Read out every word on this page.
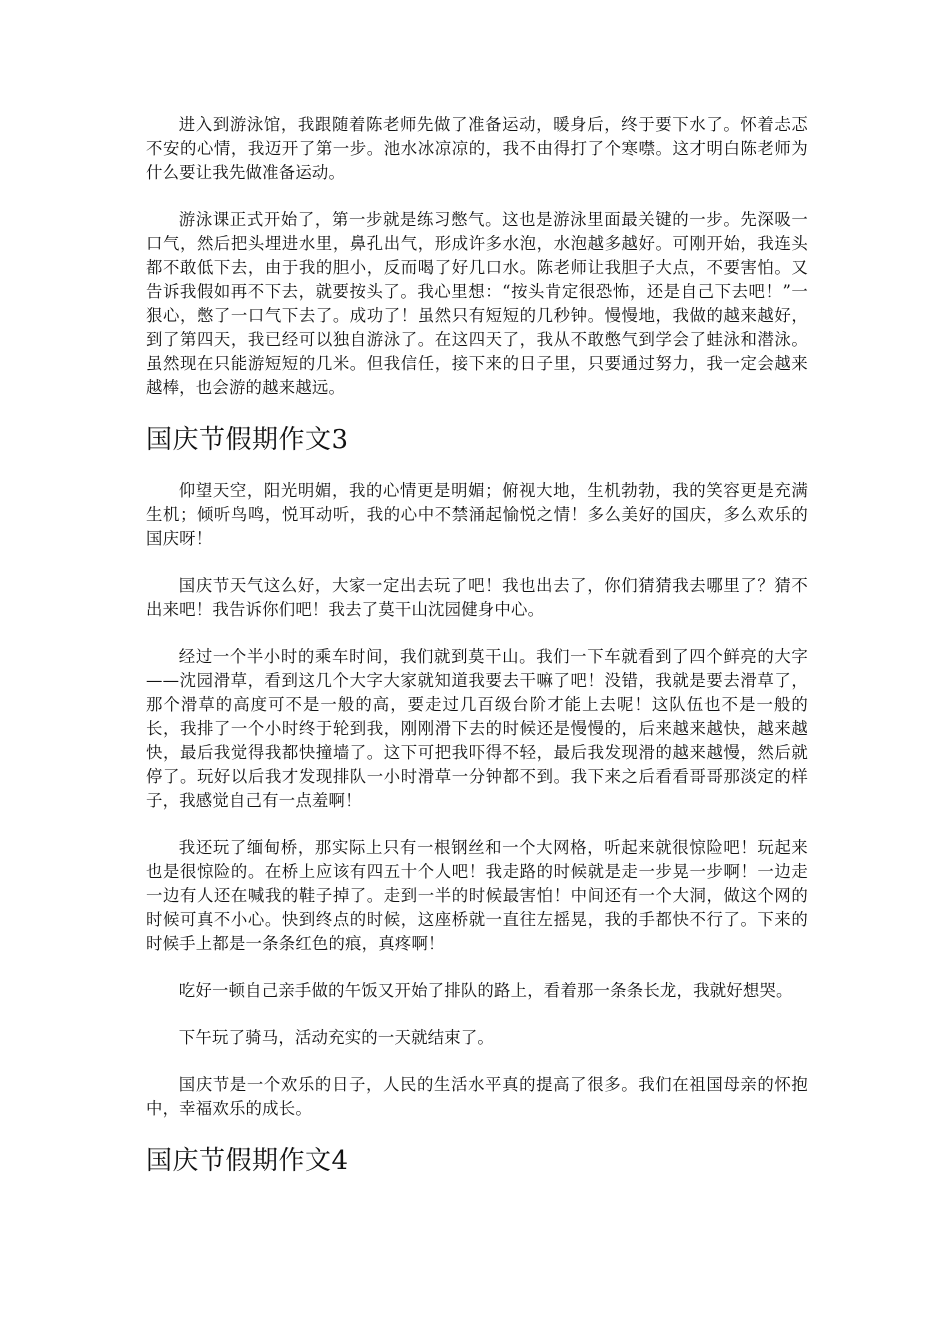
进入到游泳馆，我跟随着陈老师先做了准备运动，暖身后，终于要下水了。怀着忐忑不安的心情，我迈开了第一步。池水冰凉凉的，我不由得打了个寒噤。这才明白陈老师为什么要让我先做准备运动。

游泳课正式开始了，第一步就是练习憋气。这也是游泳里面最关键的一步。先深吸一口气，然后把头埋进水里，鼻孔出气，形成许多水泡，水泡越多越好。可刚开始，我连头都不敢低下去，由于我的胆小，反而喝了好几口水。陈老师让我胆子大点，不要害怕。又告诉我假如再不下去，就要按头了。我心里想：“按头肯定很恐怖，还是自己下去吧！”一狠心，憋了一口气下去了。成功了！虽然只有短短的几秒钟。慢慢地，我做的越来越好，到了第四天，我已经可以独自游泳了。在这四天了，我从不敢憋气到学会了蛙泳和潜泳。虽然现在只能游短短的几米。但我信任，接下来的日子里，只要通过努力，我一定会越来越棒，也会游的越来越远。

国庆节假期作文3

仰望天空，阳光明媚，我的心情更是明媚；俯视大地，生机勃勃，我的笑容更是充满生机；倾听鸟鸣，悦耳动听，我的心中不禁涌起愉悦之情！多么美好的国庆，多么欢乐的国庆呀！

国庆节天气这么好，大家一定出去玩了吧！我也出去了，你们猜猜我去哪里了？猜不出来吧！我告诉你们吧！我去了莫干山沈园健身中心。

经过一个半小时的乘车时间，我们就到莫干山。我们一下车就看到了四个鲜亮的大字——沈园滑草，看到这几个大字大家就知道我要去干嘛了吧！没错，我就是要去滑草了，那个滑草的高度可不是一般的高，要走过几百级台阶才能上去呢！这队伍也不是一般的长，我排了一个小时终于轮到我，刚刚滑下去的时候还是慢慢的，后来越来越快，越来越快，最后我觉得我都快撞墙了。这下可把我吓得不轻，最后我发现滑的越来越慢，然后就停了。玩好以后我才发现排队一小时滑草一分钟都不到。我下来之后看看哥哥那淡定的样子，我感觉自己有一点羞啊！

我还玩了缅甸桥，那实际上只有一根钢丝和一个大网格，听起来就很惊险吧！玩起来也是很惊险的。在桥上应该有四五十个人吧！我走路的时候就是走一步晃一步啊！一边走一边有人还在喊我的鞋子掉了。走到一半的时候最害怕！中间还有一个大洞，做这个网的时候可真不小心。快到终点的时候，这座桥就一直往左摇晃，我的手都快不行了。下来的时候手上都是一条条红色的痕，真疼啊！

吃好一顿自己亲手做的午饭又开始了排队的路上，看着那一条条长龙，我就好想哭。

下午玩了骑马，活动充实的一天就结束了。

国庆节是一个欢乐的日子，人民的生活水平真的提高了很多。我们在祖国母亲的怀抱中，幸福欢乐的成长。

国庆节假期作文4
